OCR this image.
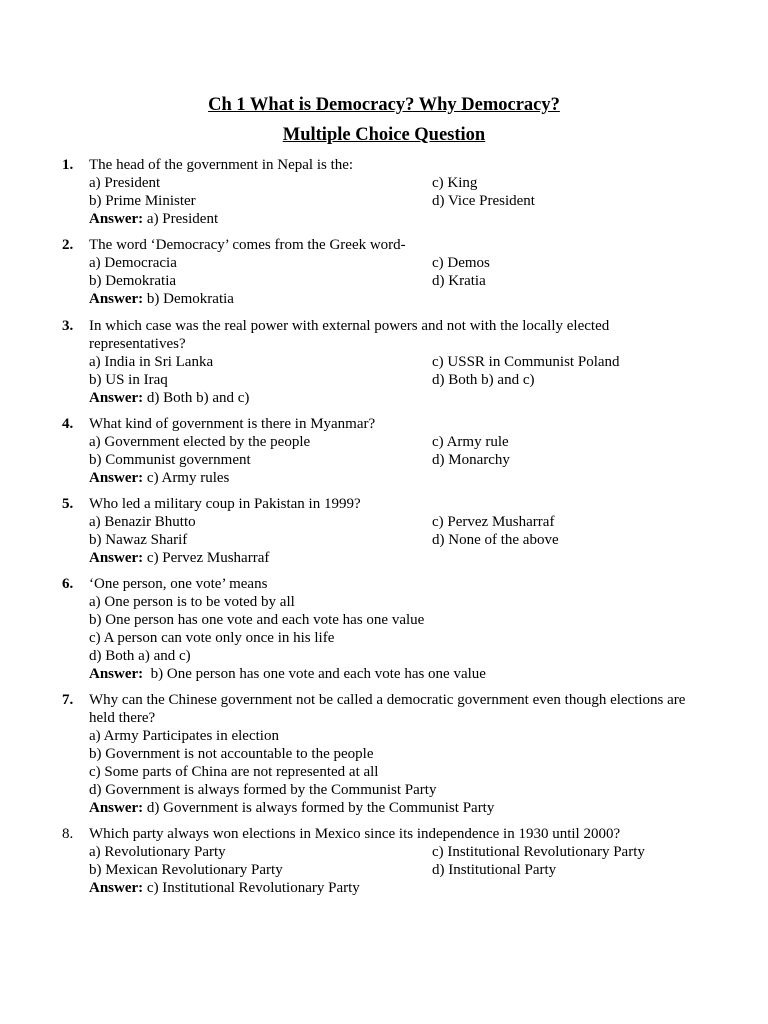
Ch 1 What is Democracy? Why Democracy?
Multiple Choice Question
1. The head of the government in Nepal is the:
a) President	c) King
b) Prime Minister	d) Vice President
Answer: a) President
2. The word ‘Democracy’ comes from the Greek word-
a) Democracia	c) Demos
b) Demokratia	d) Kratia
Answer: b) Demokratia
3. In which case was the real power with external powers and not with the locally elected
representatives?
a) India in Sri Lanka	c) USSR in Communist Poland
b) US in Iraq	d) Both b) and c)
Answer: d) Both b) and c)
4. What kind of government is there in Myanmar?
a) Government elected by the people	c) Army rule
b) Communist government	d) Monarchy
Answer: c) Army rules
5. Who led a military coup in Pakistan in 1999?
a) Benazir Bhutto	c) Pervez Musharraf
b) Nawaz Sharif	d) None of the above
Answer: c) Pervez Musharraf
6. ‘One person, one vote’ means
a) One person is to be voted by all
b) One person has one vote and each vote has one value
c) A person can vote only once in his life
d) Both a) and c)
Answer:  b) One person has one vote and each vote has one value
7. Why can the Chinese government not be called a democratic government even though elections are
held there?
a) Army Participates in election
b) Government is not accountable to the people
c) Some parts of China are not represented at all
d) Government is always formed by the Communist Party
Answer: d) Government is always formed by the Communist Party
8. Which party always won elections in Mexico since its independence in 1930 until 2000?
a) Revolutionary Party	c) Institutional Revolutionary Party
b) Mexican Revolutionary Party	d) Institutional Party
Answer: c) Institutional Revolutionary Party
